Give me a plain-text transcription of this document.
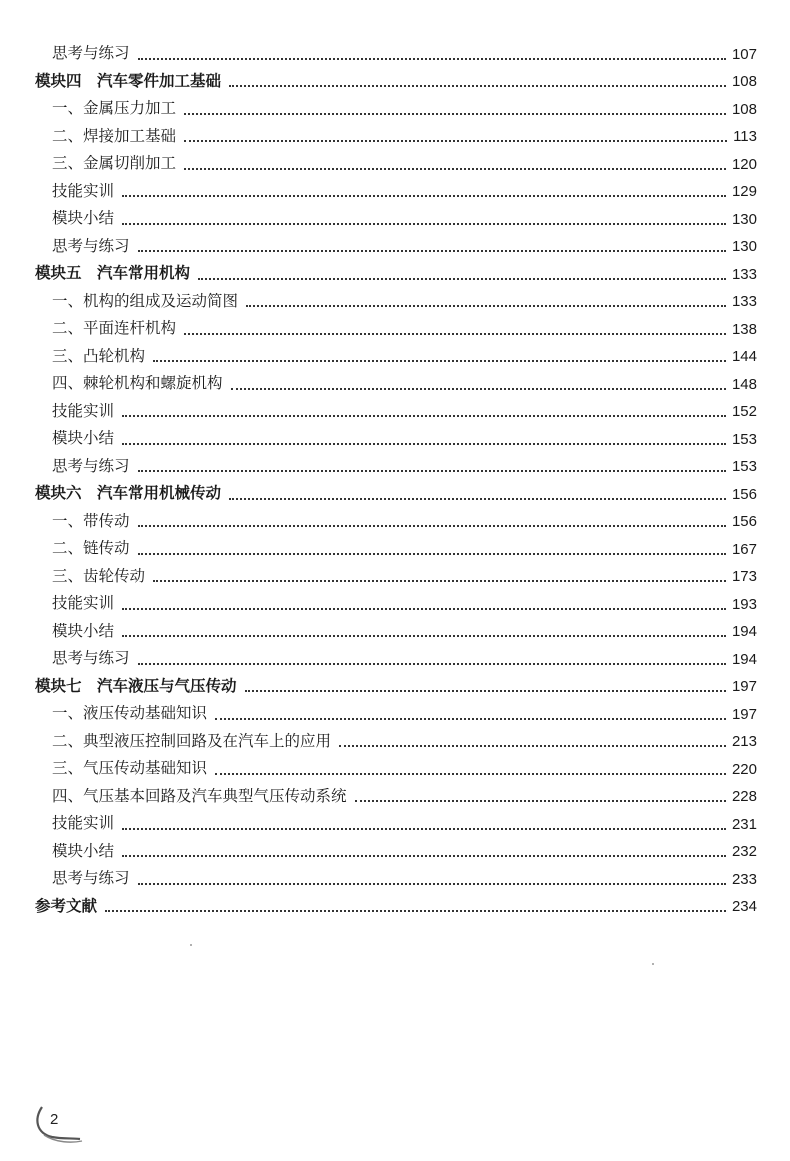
思考与练习	107
模块四　汽车零件加工基础	108
一、金属压力加工	108
二、焊接加工基础	113
三、金属切削加工	120
技能实训	129
模块小结	130
思考与练习	130
模块五　汽车常用机构	133
一、机构的组成及运动简图	133
二、平面连杆机构	138
三、凸轮机构	144
四、棘轮机构和螺旋机构	148
技能实训	152
模块小结	153
思考与练习	153
模块六　汽车常用机械传动	156
一、带传动	156
二、链传动	167
三、齿轮传动	173
技能实训	193
模块小结	194
思考与练习	194
模块七　汽车液压与气压传动	197
一、液压传动基础知识	197
二、典型液压控制回路及在汽车上的应用	213
三、气压传动基础知识	220
四、气压基本回路及汽车典型气压传动系统	228
技能实训	231
模块小结	232
思考与练习	233
参考文献	234
2
